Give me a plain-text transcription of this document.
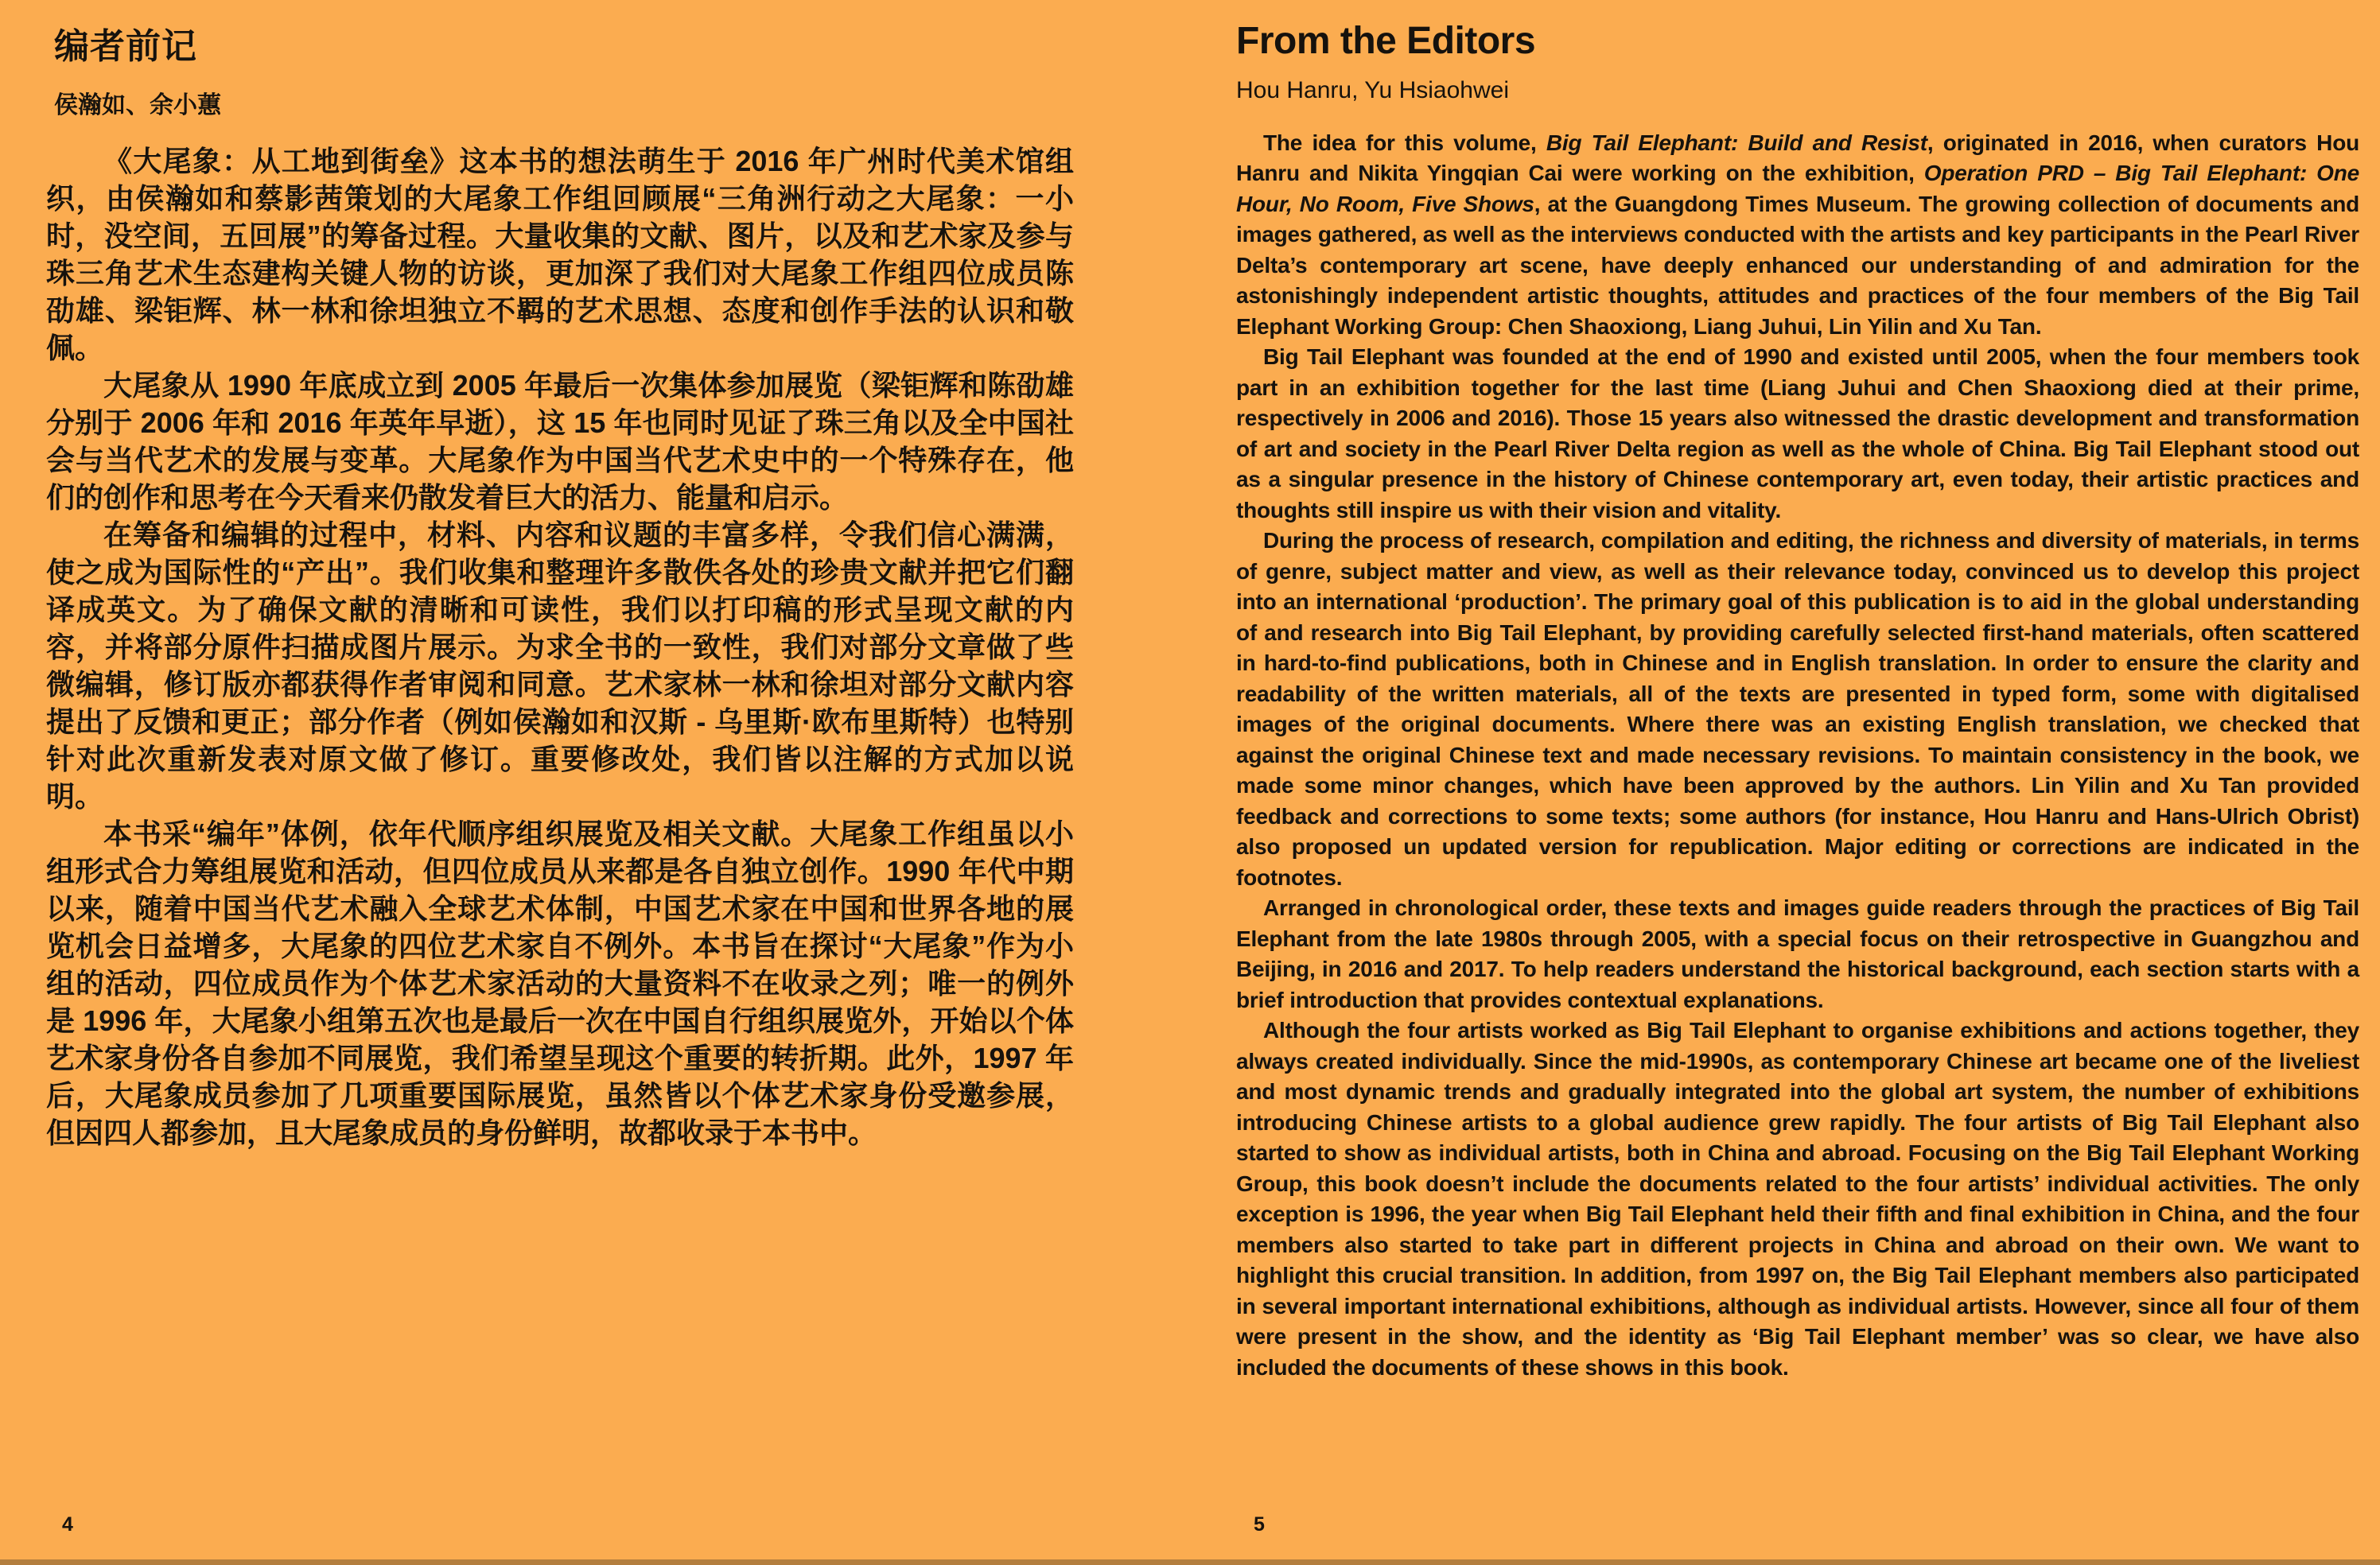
编者前记

侯瀚如、余小蕙

《大尾象：从工地到街垒》这本书的想法萌生于 2016 年广州时代美术馆组织，由侯瀚如和蔡影茜策划的大尾象工作组回顾展“三角洲行动之大尾象：一小时，没空间，五回展”的筹备过程。大量收集的文献、图片，以及和艺术家及参与珠三角艺术生态建构关键人物的访谈，更加深了我们对大尾象工作组四位成员陈劭雄、梁钜辉、林一林和徐坦独立不羁的艺术思想、态度和创作手法的认识和敬佩。

大尾象从 1990 年底成立到 2005 年最后一次集体参加展览（梁钜辉和陈劭雄分别于 2006 年和 2016 年英年早逝），这 15 年也同时见证了珠三角以及全中国社会与当代艺术的发展与变革。大尾象作为中国当代艺术史中的一个特殊存在，他们的创作和思考在今天看来仍散发着巨大的活力、能量和启示。

在筹备和编辑的过程中，材料、内容和议题的丰富多样，令我们信心满满，使之成为国际性的“产出”。我们收集和整理许多散佚各处的珍贵文献并把它们翻译成英文。为了确保文献的清晰和可读性，我们以打印稿的形式呈现文献的内容，并将部分原件扫描成图片展示。为求全书的一致性，我们对部分文章做了些微编辑，修订版亦都获得作者审阅和同意。艺术家林一林和徐坦对部分文献内容提出了反馈和更正；部分作者（例如侯瀚如和汉斯 - 乌里斯·欧布里斯特）也特别针对此次重新发表对原文做了修订。重要修改处，我们皆以注解的方式加以说明。

本书采“编年”体例，依年代顺序组织展览及相关文献。大尾象工作组虽以小组形式合力筹组展览和活动，但四位成员从来都是各自独立创作。1990 年代中期以来，随着中国当代艺术融入全球艺术体制，中国艺术家在中国和世界各地的展览机会日益增多，大尾象的四位艺术家自不例外。本书旨在探讨“大尾象”作为小组的活动，四位成员作为个体艺术家活动的大量资料不在收录之列；唯一的例外是 1996 年，大尾象小组第五次也是最后一次在中国自行组织展览外，开始以个体艺术家身份各自参加不同展览，我们希望呈现这个重要的转折期。此外，1997 年后，大尾象成员参加了几项重要国际展览，虽然皆以个体艺术家身份受邀参展，但因四人都参加，且大尾象成员的身份鲜明，故都收录于本书中。

4
From the Editors

Hou Hanru, Yu Hsiaohwei

The idea for this volume, Big Tail Elephant: Build and Resist, originated in 2016, when curators Hou Hanru and Nikita Yingqian Cai were working on the exhibition, Operation PRD – Big Tail Elephant: One Hour, No Room, Five Shows, at the Guangdong Times Museum. The growing collection of documents and images gathered, as well as the interviews conducted with the artists and key participants in the Pearl River Delta’s contemporary art scene, have deeply enhanced our understanding of and admiration for the astonishingly independent artistic thoughts, attitudes and practices of the four members of the Big Tail Elephant Working Group: Chen Shaoxiong, Liang Juhui, Lin Yilin and Xu Tan.

Big Tail Elephant was founded at the end of 1990 and existed until 2005, when the four members took part in an exhibition together for the last time (Liang Juhui and Chen Shaoxiong died at their prime, respectively in 2006 and 2016). Those 15 years also witnessed the drastic development and transformation of art and society in the Pearl River Delta region as well as the whole of China. Big Tail Elephant stood out as a singular presence in the history of Chinese contemporary art, even today, their artistic practices and thoughts still inspire us with their vision and vitality.

During the process of research, compilation and editing, the richness and diversity of materials, in terms of genre, subject matter and view, as well as their relevance today, convinced us to develop this project into an international ‘production’. The primary goal of this publication is to aid in the global understanding of and research into Big Tail Elephant, by providing carefully selected first-hand materials, often scattered in hard-to-find publications, both in Chinese and in English translation. In order to ensure the clarity and readability of the written materials, all of the texts are presented in typed form, some with digitalised images of the original documents. Where there was an existing English translation, we checked that against the original Chinese text and made necessary revisions. To maintain consistency in the book, we made some minor changes, which have been approved by the authors. Lin Yilin and Xu Tan provided feedback and corrections to some texts; some authors (for instance, Hou Hanru and Hans-Ulrich Obrist) also proposed un updated version for republication. Major editing or corrections are indicated in the footnotes.

Arranged in chronological order, these texts and images guide readers through the practices of Big Tail Elephant from the late 1980s through 2005, with a special focus on their retrospective in Guangzhou and Beijing, in 2016 and 2017. To help readers understand the historical background, each section starts with a brief introduction that provides contextual explanations.

Although the four artists worked as Big Tail Elephant to organise exhibitions and actions together, they always created individually. Since the mid-1990s, as contemporary Chinese art became one of the liveliest and most dynamic trends and gradually integrated into the global art system, the number of exhibitions introducing Chinese artists to a global audience grew rapidly. The four artists of Big Tail Elephant also started to show as individual artists, both in China and abroad. Focusing on the Big Tail Elephant Working Group, this book doesn’t include the documents related to the four artists’ individual activities. The only exception is 1996, the year when Big Tail Elephant held their fifth and final exhibition in China, and the four members also started to take part in different projects in China and abroad on their own. We want to highlight this crucial transition. In addition, from 1997 on, the Big Tail Elephant members also participated in several important international exhibitions, although as individual artists. However, since all four of them were present in the show, and the identity as ‘Big Tail Elephant member’ was so clear, we have also included the documents of these shows in this book.

5
